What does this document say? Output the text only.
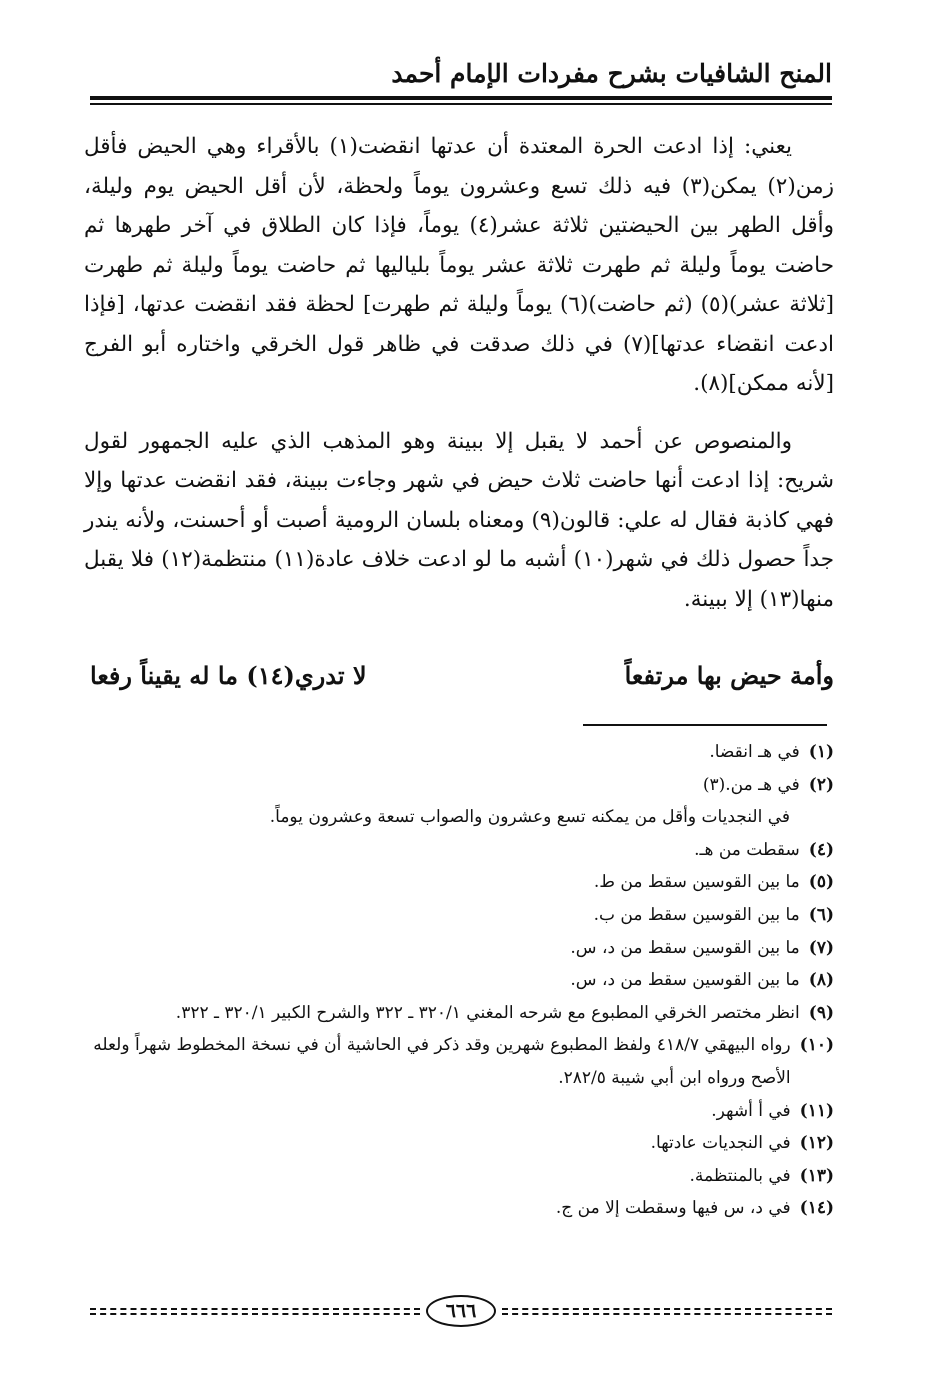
المنح الشافيات بشرح مفردات الإمام أحمد

يعني: إذا ادعت الحرة المعتدة أن عدتها انقضت(١) بالأقراء وهي الحيض فأقل زمن(٢) يمكن(٣) فيه ذلك تسع وعشرون يوماً ولحظة، لأن أقل الحيض يوم وليلة، وأقل الطهر بين الحيضتين ثلاثة عشر(٤) يوماً، فإذا كان الطلاق في آخر طهرها ثم حاضت يوماً وليلة ثم طهرت ثلاثة عشر يوماً بلياليها ثم حاضت يوماً وليلة ثم طهرت [ثلاثة عشر)(٥) (ثم حاضت)(٦) يوماً وليلة ثم طهرت] لحظة فقد انقضت عدتها، [فإذا ادعت انقضاء عدتها](٧) في ذلك صدقت في ظاهر قول الخرقي واختاره أبو الفرج [لأنه ممكن](٨).

والمنصوص عن أحمد لا يقبل إلا ببينة وهو المذهب الذي عليه الجمهور لقول شريح: إذا ادعت أنها حاضت ثلاث حيض في شهر وجاءت ببينة، فقد انقضت عدتها وإلا فهي كاذبة فقال له علي: قالون(٩) ومعناه بلسان الرومية أصبت أو أحسنت، ولأنه يندر جداً حصول ذلك في شهر(١٠) أشبه ما لو ادعت خلاف عادة(١١) منتظمة(١٢) فلا يقبل منها(١٣) إلا ببينة.

وأمة حيض بها مرتفعاً
لا تدري(١٤) ما له يقيناً رفعا
(١)
في هـ انقضا.
(٢)
في هـ من.(٣)

في النجديات وأقل من يمكنه تسع وعشرون والصواب تسعة وعشرون يوماً.

(٤)
سقطت من هـ.
(٥)
ما بين القوسين سقط من ط.
(٦)
ما بين القوسين سقط من ب.
(٧)
ما بين القوسين سقط من د، س.
(٨)
ما بين القوسين سقط من د، س.
(٩)
انظر مختصر الخرقي المطبوع مع شرحه المغني ٣٢٠/١ ـ ٣٢٢ والشرح الكبير ٣٢٠/١ ـ ٣٢٢.
(١٠)
رواه البيهقي ٤١٨/٧ ولفظ المطبوع شهرين وقد ذكر في الحاشية أن في نسخة المخطوط شهراً ولعله الأصح ورواه ابن أبي شيبة ٢٨٢/٥.
(١١)
في أ أشهر.
(١٢)
في النجديات عادتها.
(١٣)
في بالمنتظمة.
(١٤)
في د، س فيها وسقطت إلا من ج.
٦٦٦
